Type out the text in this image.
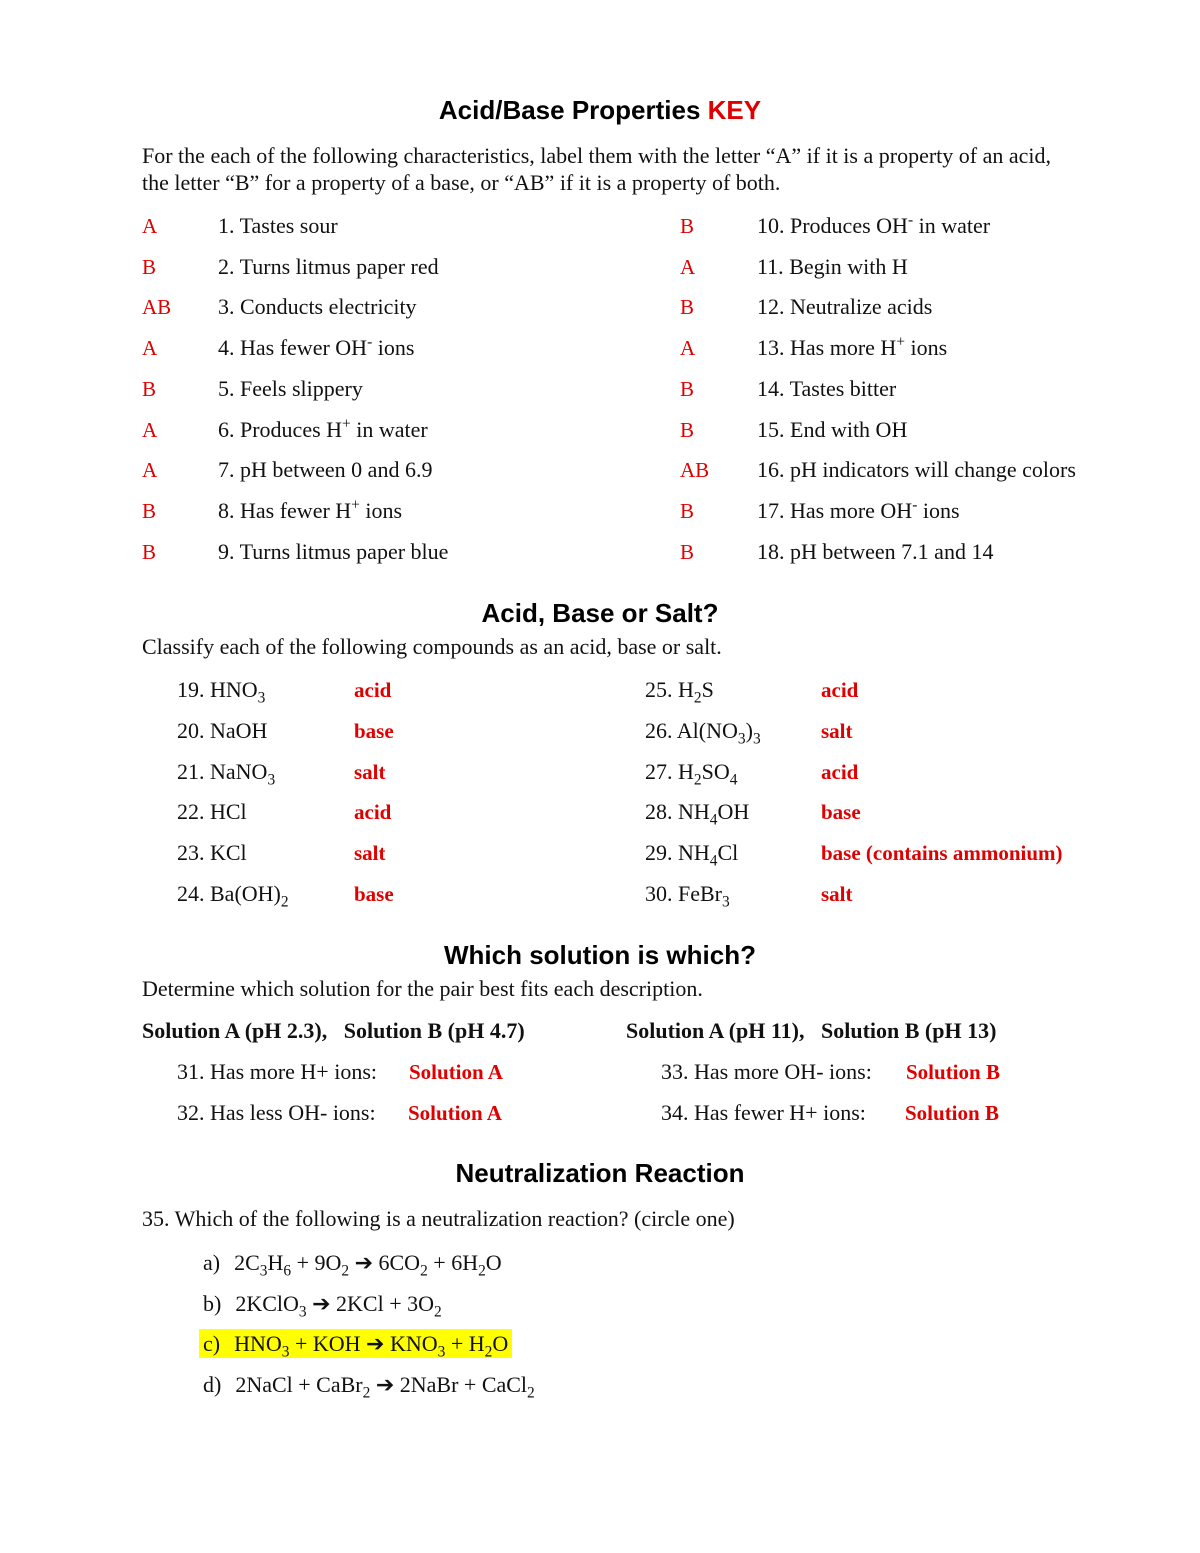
Acid/Base Properties KEY
For the each of the following characteristics, label them with the letter “A” if it is a property of an acid,
the letter “B” for a property of a base, or “AB” if it is a property of both.
Acid, Base or Salt?
Classify each of the following compounds as an acid, base or salt.
Which solution is which?
Determine which solution for the pair best fits each description.
Solution A (pH 2.3),   Solution B (pH 4.7)	Solution A (pH 11),   Solution B (pH 13)
31. Has more H+ ions: Solution A
32. Has less OH- ions: Solution A
33. Has more OH- ions: Solution B
34. Has fewer H+ ions: Solution B
Neutralization Reaction
35. Which of the following is a neutralization reaction? (circle one)
A	1. Tastes sour
B	2. Turns litmus paper red
AB 3. Conducts electricity
A	4. Has fewer OH- ions
B	5. Feels slippery
A	6. Produces H+ in water
A	7. pH between 0 and 6.9
B	8. Has fewer H+ ions
B	9. Turns litmus paper blue
B	10. Produces OH- in water
A	11. Begin with H
B	12. Neutralize acids
A	13. Has more H+ ions
B	14. Tastes bitter
B	15. End with OH
AB 16. pH indicators will change colors
B	17. Has more OH- ions
B	18. pH between 7.1 and 14
19. $HNO_3$	acid
20. NaOH	base
21. NaNO$_3$	salt
22. HCl	acid
23. KCl	salt
24. $Ba(OH)_2$	base
25. $H_2S$	acid
26. $Al(NO_3)_3$	salt
27. $H_2SO_4$	acid
28. $NH_4OH$	base
29. $NH_4Cl$	base (contains ammonium)
30. FeBr$_3$	salt
a) $2C_3H_6 + 9O_2$ ➔ $6CO_2 + 6H_2O$
b) 2KClO$_3$ ➔ $2KCl + 3O_2$
c) $HNO_3$ + KOH ➔ $KNO_3 + H_2O$
d) 2NaCl + CaBr$_2$ ➔ 2NaBr + CaCl$_2$
